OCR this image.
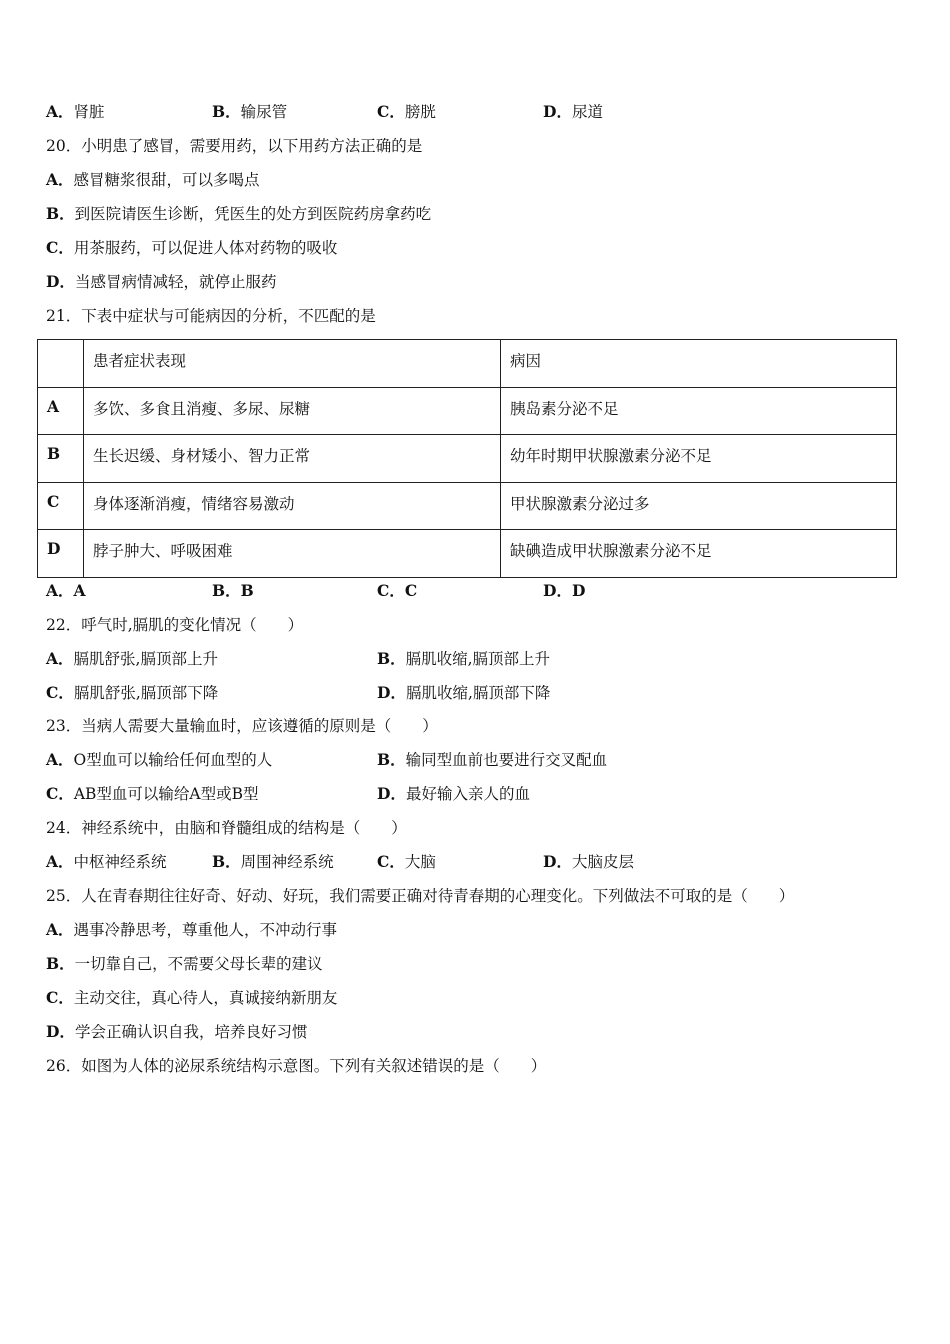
A．肾脏	B．输尿管	C．膀胱	D．尿道
20．小明患了感冒，需要用药，以下用药方法正确的是
A．感冒糖浆很甜，可以多喝点
B．到医院请医生诊断，凭医生的处方到医院药房拿药吃
C．用茶服药，可以促进人体对药物的吸收
D．当感冒病情减轻，就停止服药
21．下表中症状与可能病因的分析，不匹配的是
	患者症状表现	病因
A	多饮、多食且消瘦、多尿、尿糖	胰岛素分泌不足
B	生长迟缓、身材矮小、智力正常	幼年时期甲状腺激素分泌不足
C	身体逐渐消瘦，情绪容易激动	甲状腺激素分泌过多
D	脖子肿大、呼吸困难	缺碘造成甲状腺激素分泌不足
A．A	B．B	C．C	D．D
22．呼气时,膈肌的变化情况（　　）
A．膈肌舒张,膈顶部上升	B．膈肌收缩,膈顶部上升
C．膈肌舒张,膈顶部下降	D．膈肌收缩,膈顶部下降
23．当病人需要大量输血时，应该遵循的原则是（　　）
A．O型血可以输给任何血型的人	B．输同型血前也要进行交叉配血
C．AB型血可以输给A型或B型	D．最好输入亲人的血
24．神经系统中，由脑和脊髓组成的结构是（　　）
A．中枢神经系统	B．周围神经系统	C．大脑	D．大脑皮层
25．人在青春期往往好奇、好动、好玩，我们需要正确对待青春期的心理变化。下列做法不可取的是（　　）
A．遇事冷静思考，尊重他人，不冲动行事
B．一切靠自己，不需要父母长辈的建议
C．主动交往，真心待人，真诚接纳新朋友
D．学会正确认识自我，培养良好习惯
26．如图为人体的泌尿系统结构示意图。下列有关叙述错误的是（　　）
